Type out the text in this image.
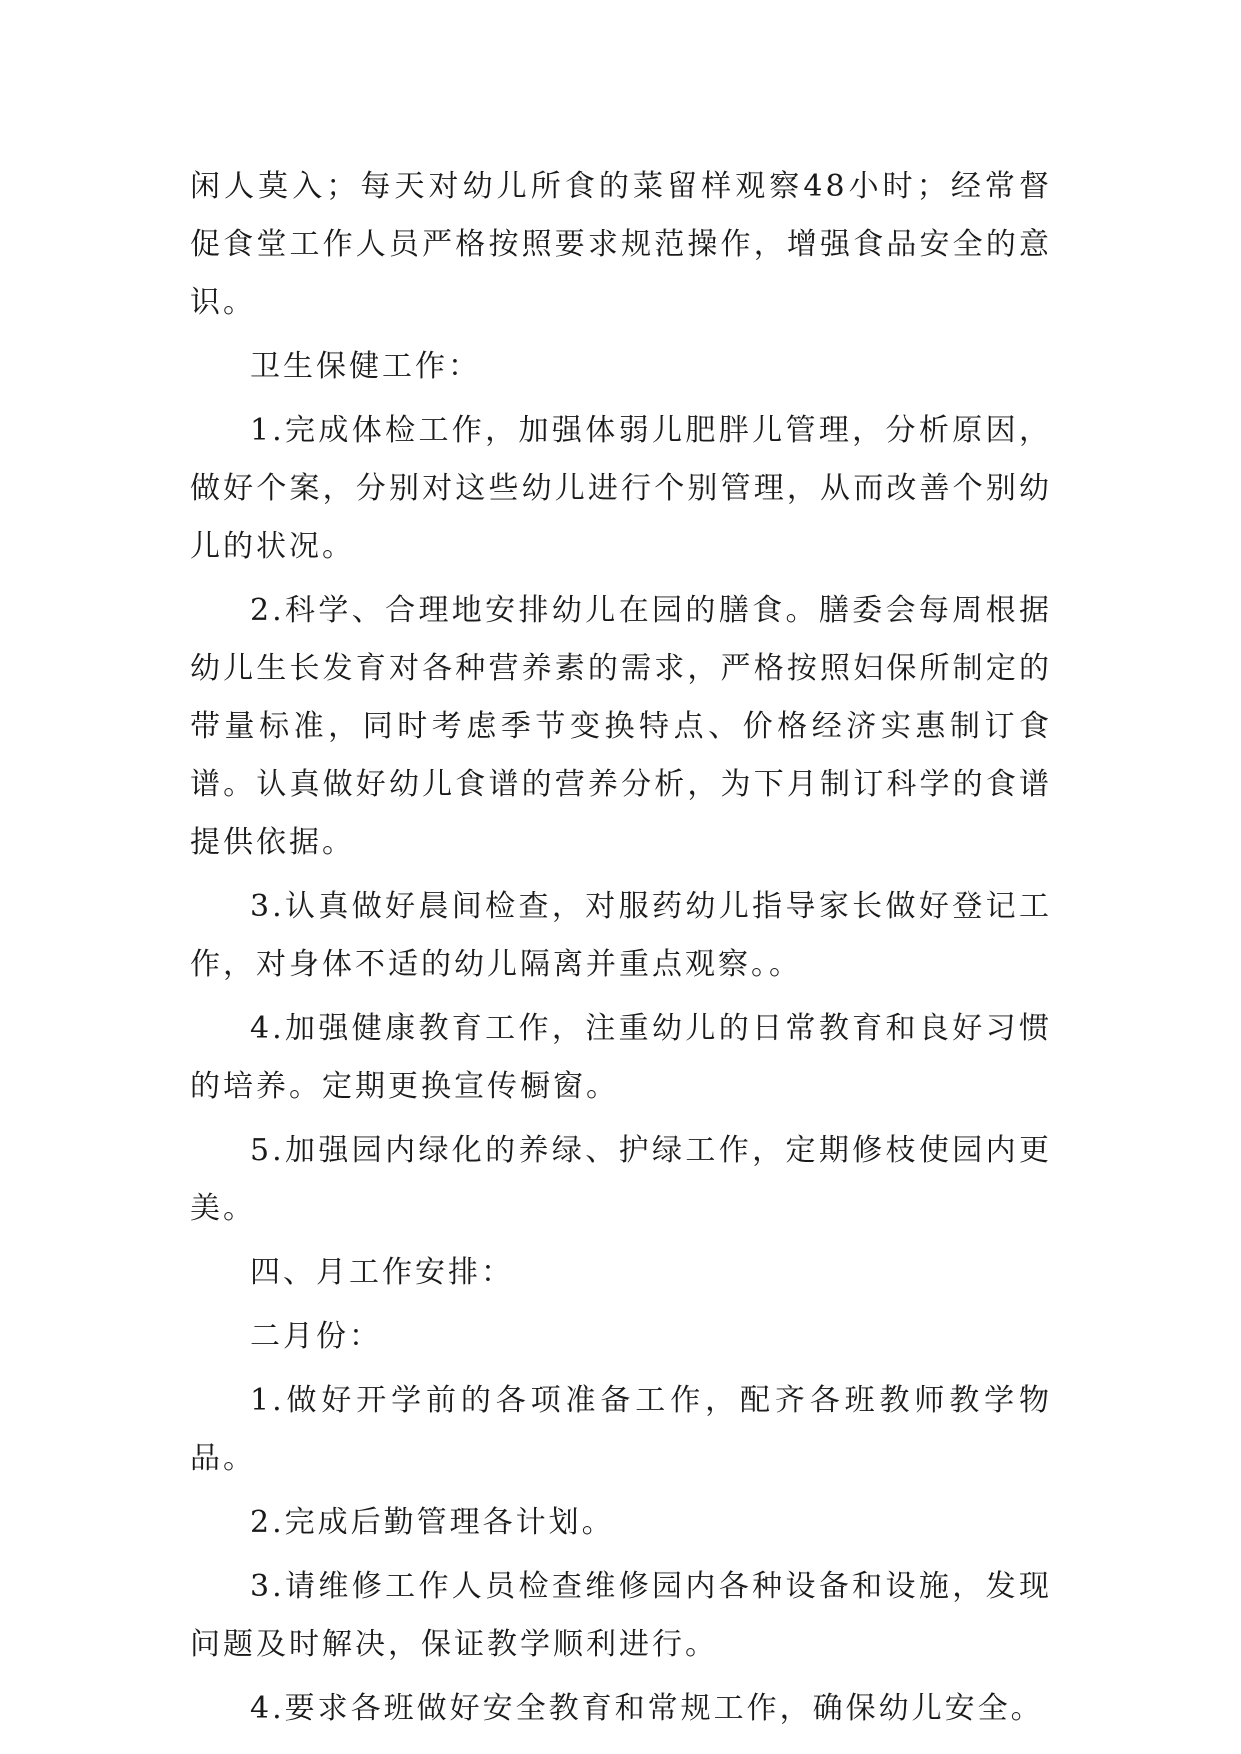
闲人莫入；每天对幼儿所食的菜留样观察48小时；经常督促食堂工作人员严格按照要求规范操作，增强食品安全的意识。

卫生保健工作：

1.完成体检工作，加强体弱儿肥胖儿管理，分析原因，做好个案，分别对这些幼儿进行个别管理，从而改善个别幼儿的状况。

2.科学、合理地安排幼儿在园的膳食。膳委会每周根据幼儿生长发育对各种营养素的需求，严格按照妇保所制定的带量标准，同时考虑季节变换特点、价格经济实惠制订食谱。认真做好幼儿食谱的营养分析，为下月制订科学的食谱提供依据。

3.认真做好晨间检查，对服药幼儿指导家长做好登记工作，对身体不适的幼儿隔离并重点观察。。

4.加强健康教育工作，注重幼儿的日常教育和良好习惯的培养。定期更换宣传橱窗。

5.加强园内绿化的养绿、护绿工作，定期修枝使园内更美。

四、月工作安排：

二月份：

1.做好开学前的各项准备工作，配齐各班教师教学物品。

2.完成后勤管理各计划。

3.请维修工作人员检查维修园内各种设备和设施，发现问题及时解决，保证教学顺利进行。

4.要求各班做好安全教育和常规工作，确保幼儿安全。
